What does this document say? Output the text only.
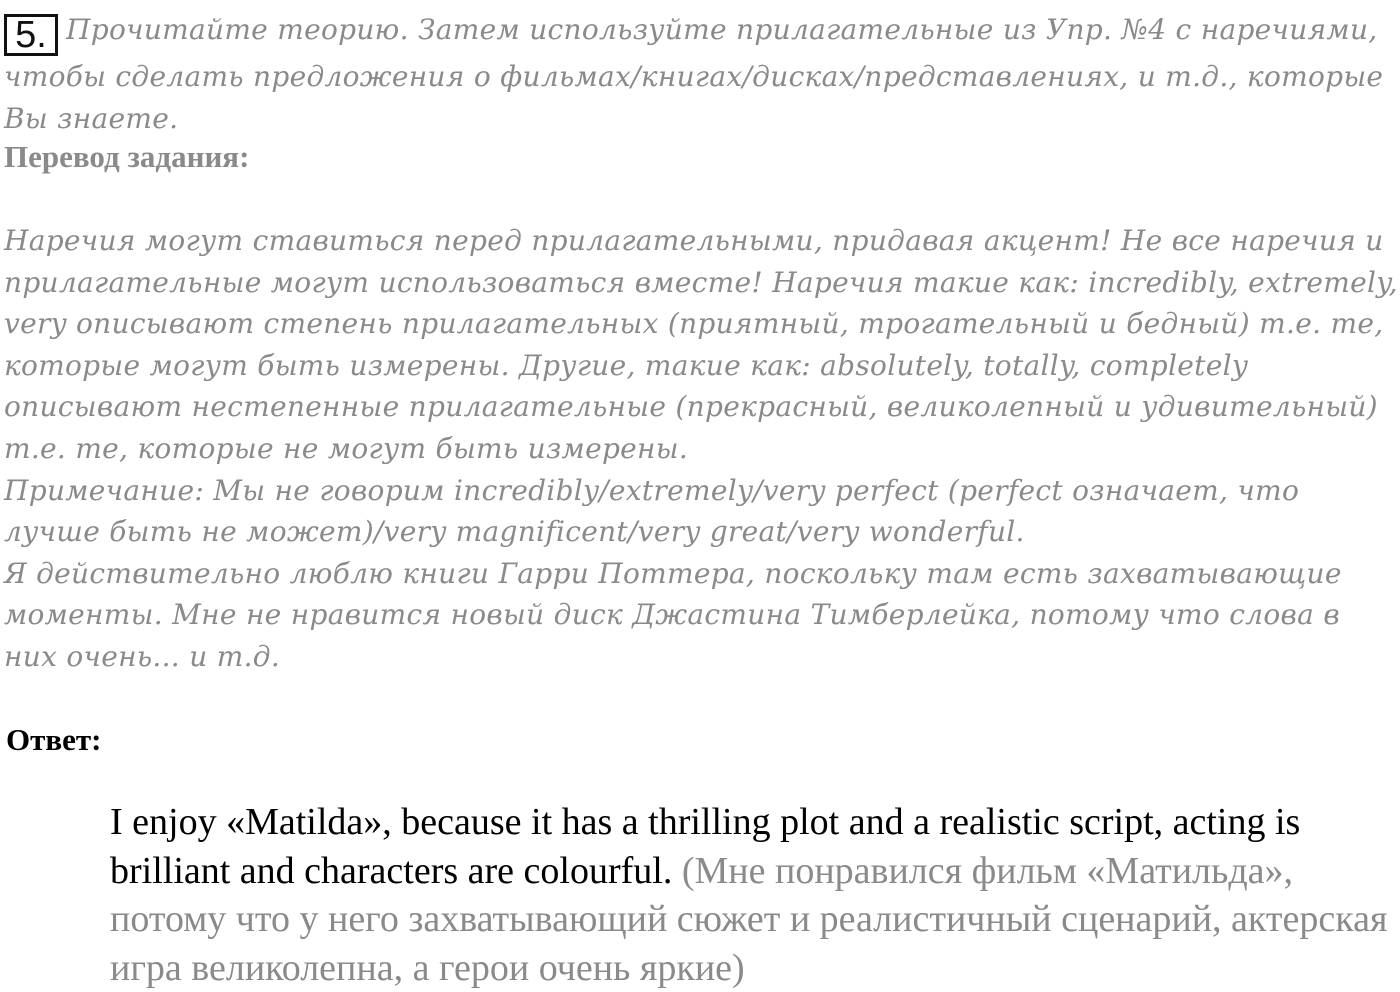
5. Прочитайте теорию. Затем используйте прилагательные из Упр. №4 с наречиями, чтобы сделать предложения о фильмах/книгах/дисках/представлениях, и т.д., которые Вы знаете.

Перевод задания:

Наречия могут ставиться перед прилагательными, придавая акцент! Не все наречия и прилагательные могут использоваться вместе! Наречия такие как: incredibly, extremely, very описывают степень прилагательных (приятный, трогательный и бедный) т.е. те, которые могут быть измерены. Другие, такие как: absolutely, totally, completely описывают нестепенные прилагательные (прекрасный, великолепный и удивительный) т.е. те, которые не могут быть измерены.

Примечание: Мы не говорим incredibly/extremely/very perfect (perfect означает, что лучше быть не может)/very magnificent/very great/very wonderful.

Я действительно люблю книги Гарри Поттера, поскольку там есть захватывающие моменты. Мне не нравится новый диск Джастина Тимберлейка, потому что слова в них очень... и т.д.

Ответ:

I enjoy «Matilda», because it has a thrilling plot and a realistic script, acting is brilliant and characters are colourful. (Мне понравился фильм «Матильда», потому что у него захватывающий сюжет и реалистичный сценарий, актерская игра великолепна, а герои очень яркие)
